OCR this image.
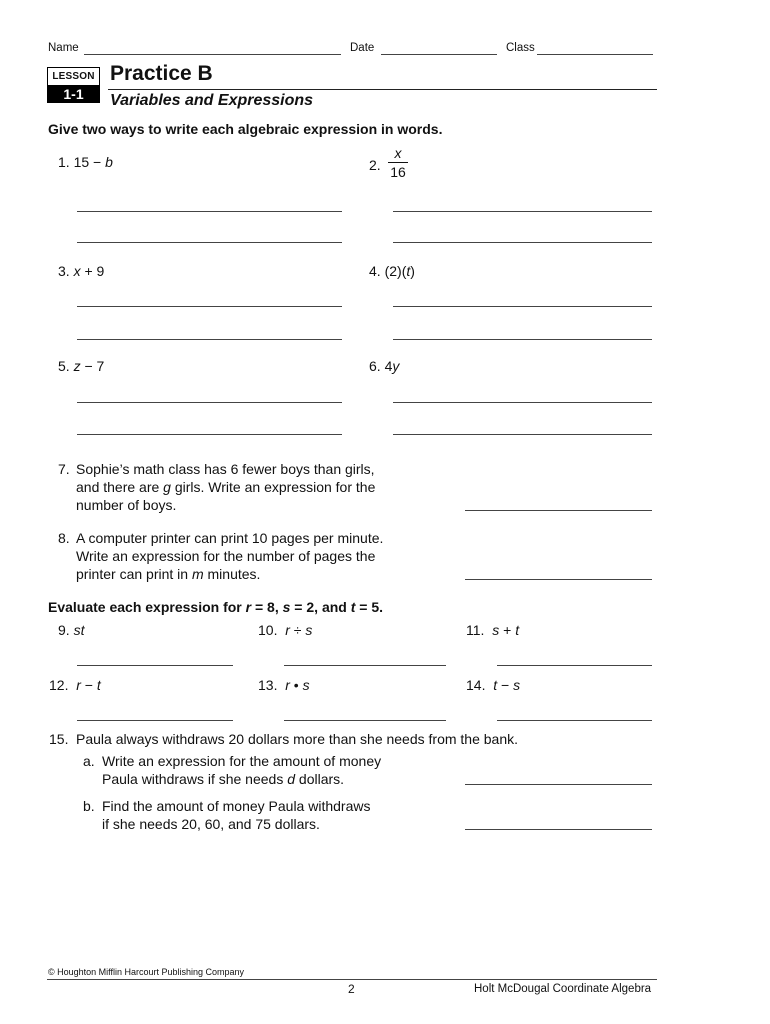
Name	Date	Class
LESSON
1-1
Practice B
Variables and Expressions
Give two ways to write each algebraic expression in words.
1. 15 − b	2.
x
16
3. x + 9	4. (2)(t)
5. z − 7	6. 4y
7. Sophie’s math class has 6 fewer boys than girls,
and there are g girls. Write an expression for the
number of boys.
8. A computer printer can print 10 pages per minute.
Write an expression for the number of pages the
printer can print in m minutes.
Evaluate each expression for r = 8, s = 2, and t = 5.
9. st	10. r ÷ s	11. s + t
12. r − t	13. r • s	14. t − s
15. Paula always withdraws 20 dollars more than she needs from the bank.
a. Write an expression for the amount of money
Paula withdraws if she needs d dollars.
b. Find the amount of money Paula withdraws
if she needs 20, 60, and 75 dollars.
© Houghton Mifflin Harcourt Publishing Company
2	Holt McDougal Coordinate Algebra
